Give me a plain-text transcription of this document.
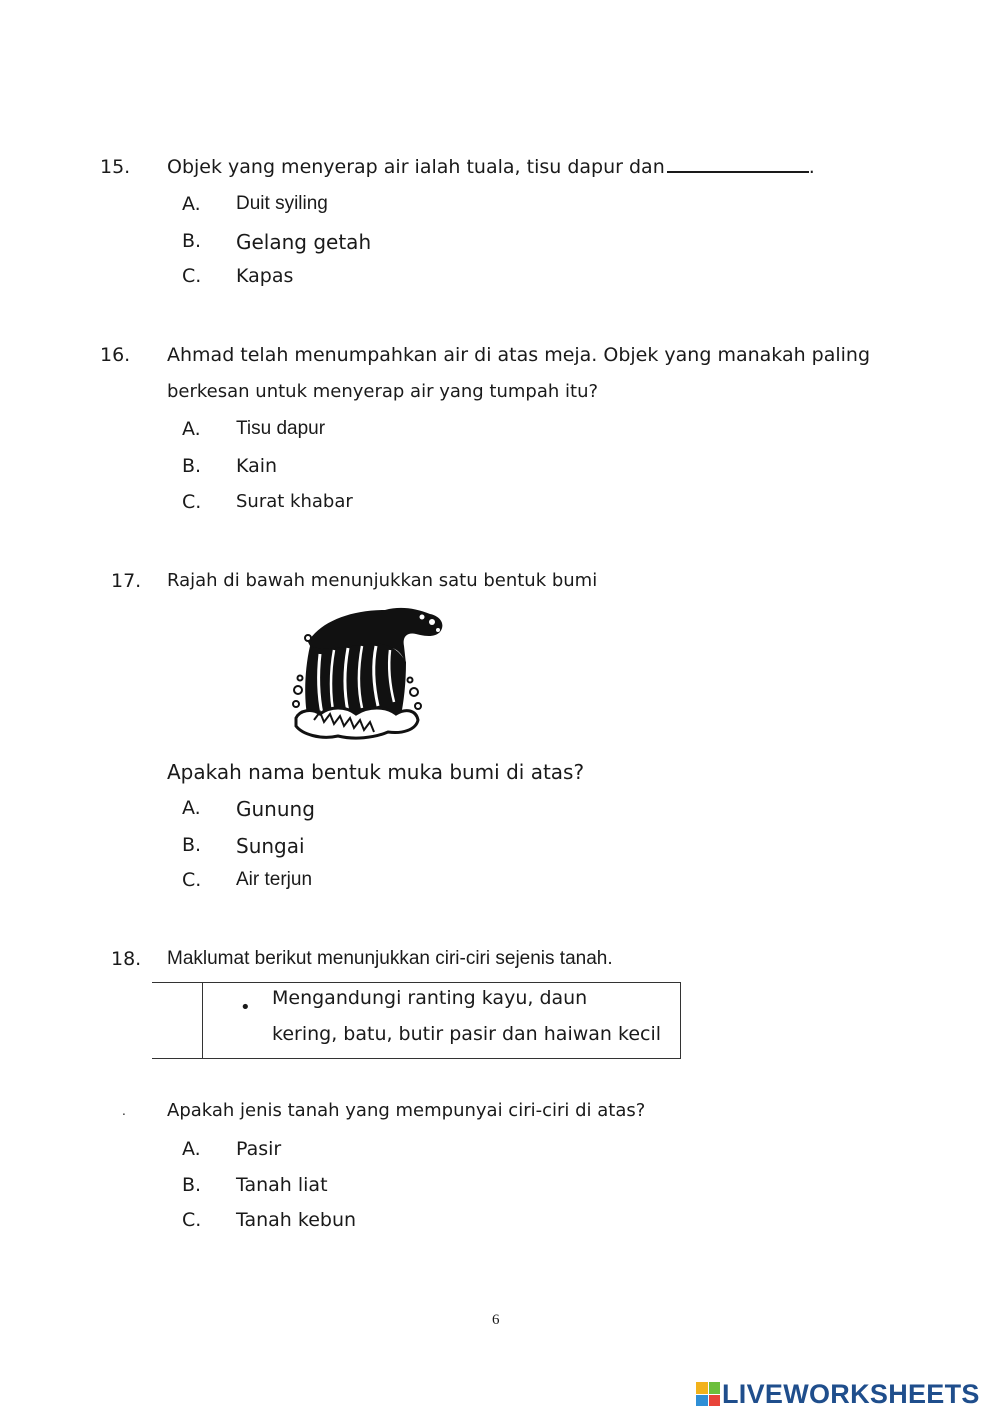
15. Objek yang menyerap air ialah tuala, tisu dapur dan	.
A. Duit syiling
B. Gelang getah
C. Kapas
16. Ahmad telah menumpahkan air di atas meja. Objek yang manakah paling
berkesan untuk menyerap air yang tumpah itu?
A. Tisu dapur
B. Kain
C. Surat khabar
17. Rajah di bawah menunjukkan satu bentuk bumi
Apakah nama bentuk muka bumi di atas?
A. Gunung
B. Sungai
C. Air terjun
18. Maklumat berikut menunjukkan ciri-ciri sejenis tanah.
• Mengandungi ranting kayu, daun
kering, batu, butir pasir dan haiwan kecil
. Apakah jenis tanah yang mempunyai ciri-ciri di atas?
A. Pasir
B. Tanah liat
C. Tanah kebun
6
LIVEWORKSHEETS
